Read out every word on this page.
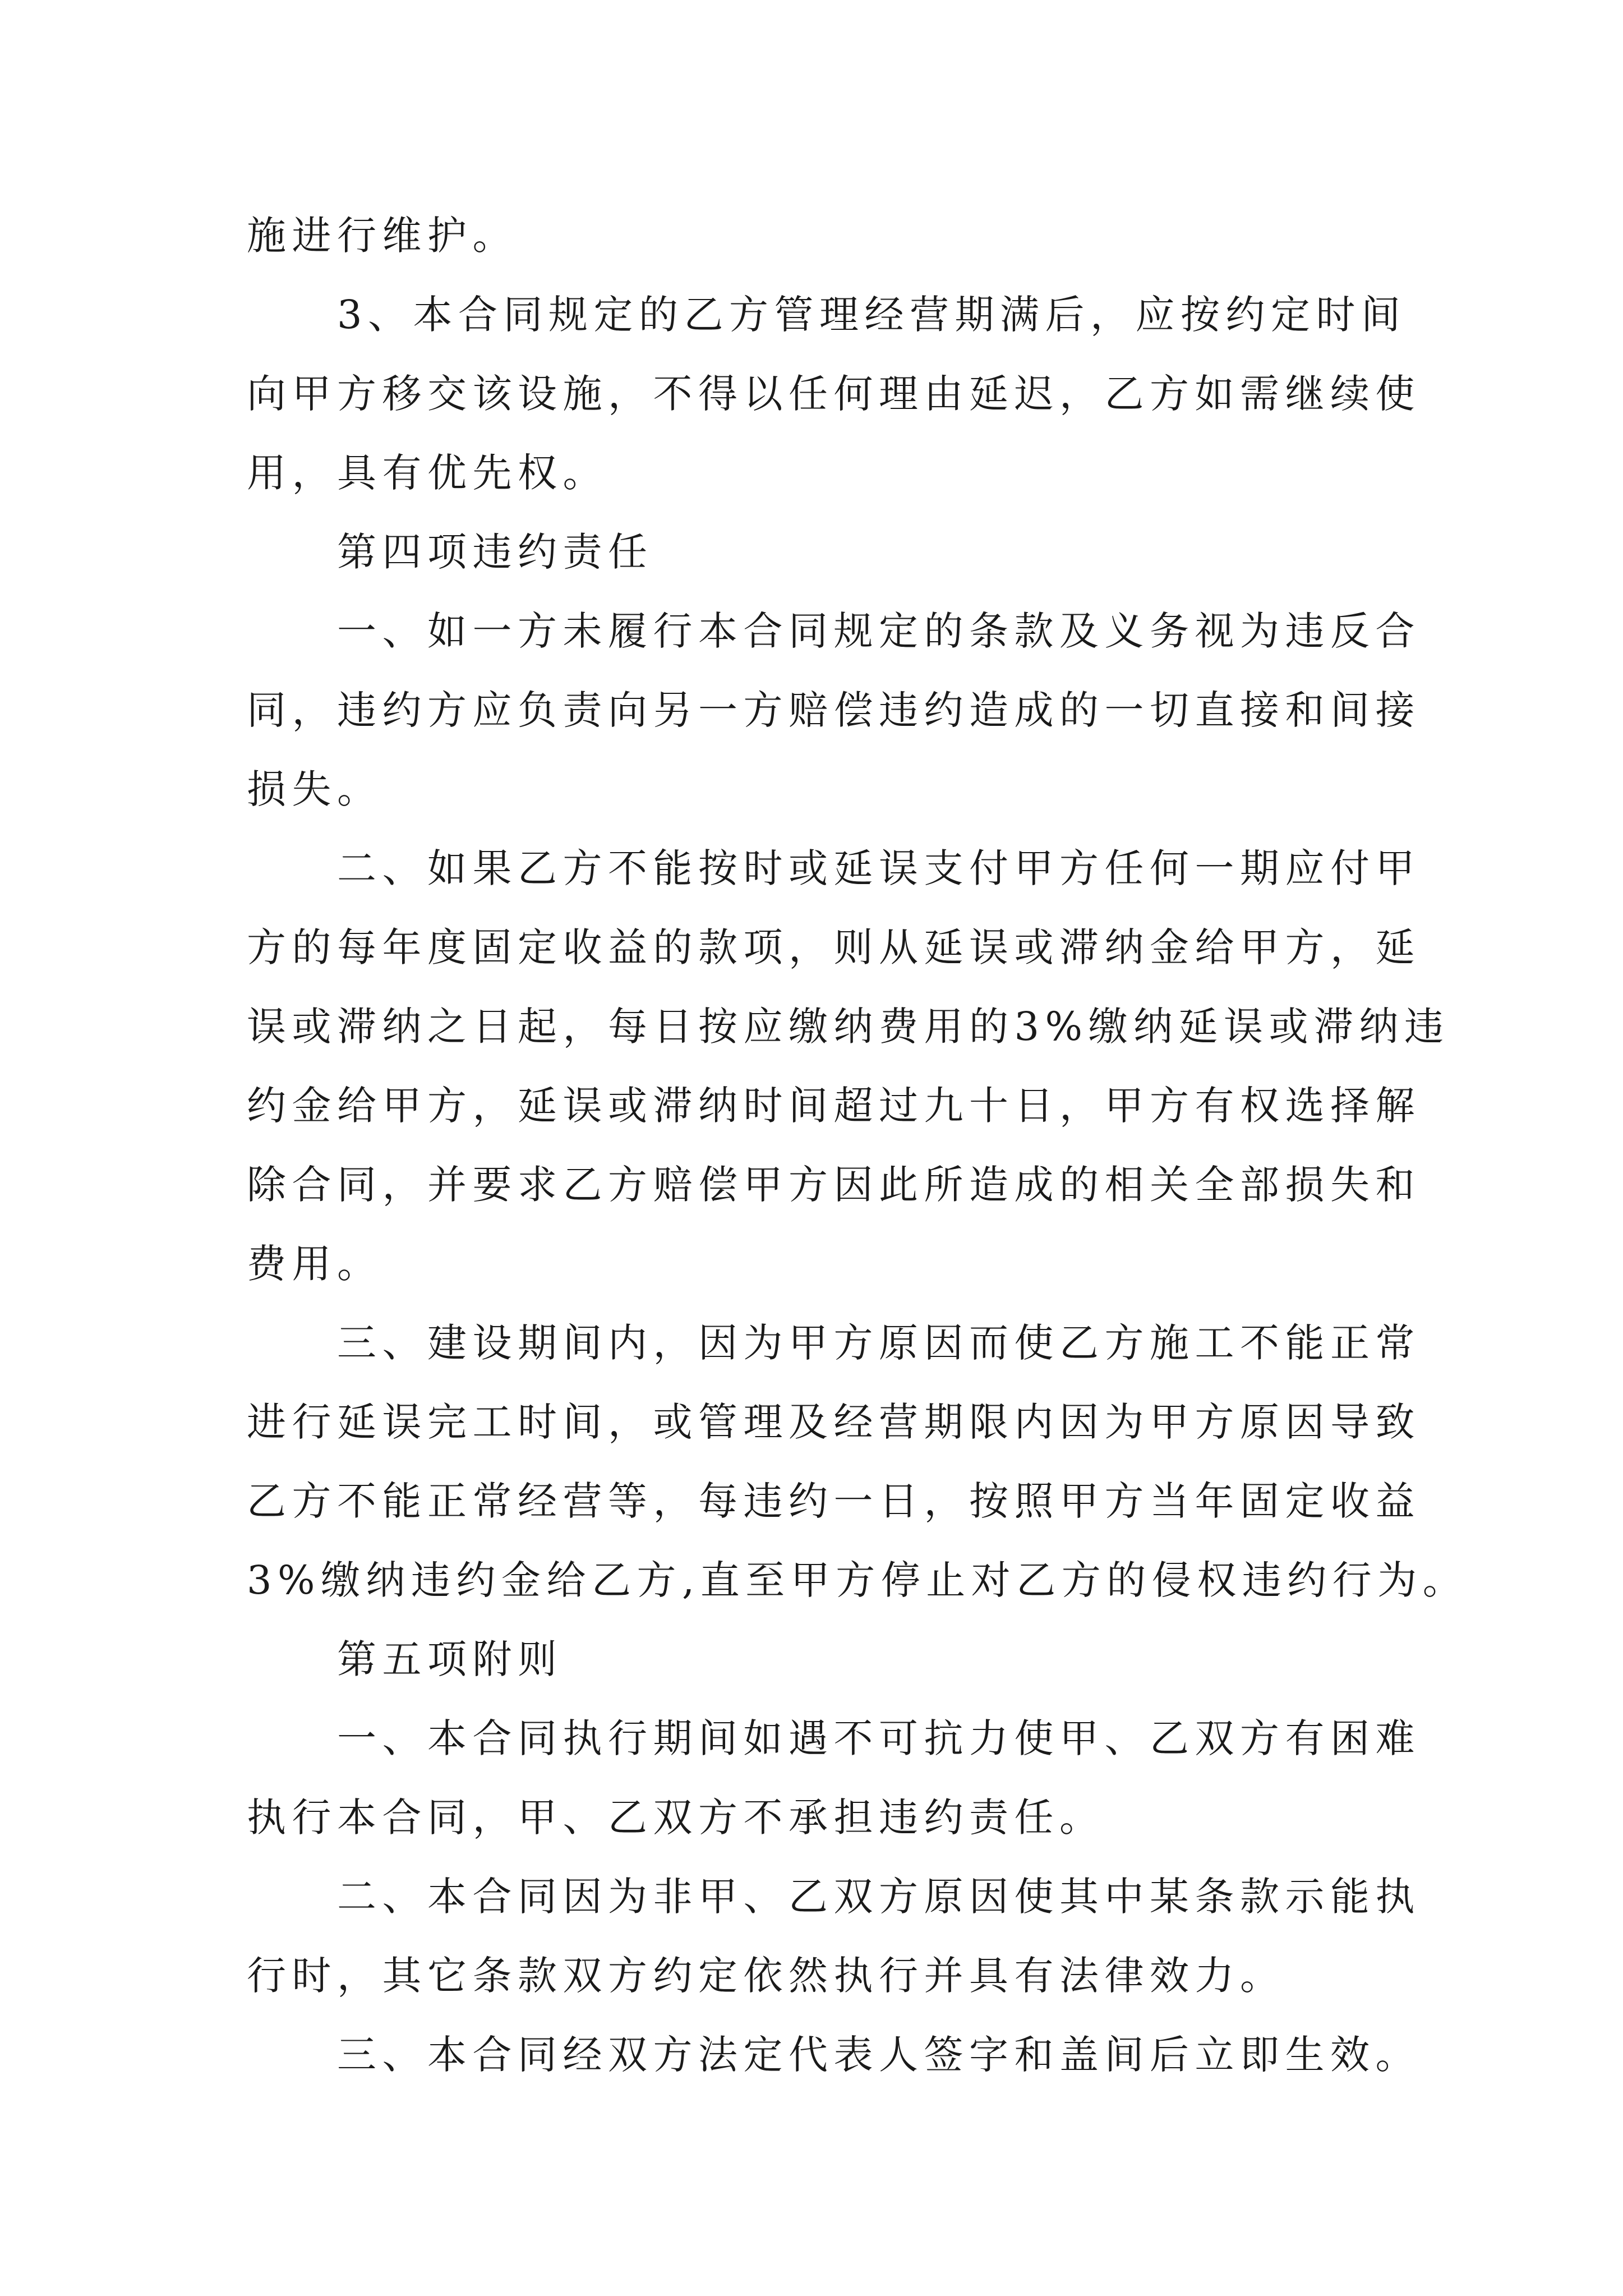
施进行维护。

　　3、本合同规定的乙方管理经营期满后，应按约定时间

向甲方移交该设施，不得以任何理由延迟，乙方如需继续使

用，具有优先权。

　　第四项违约责任

　　一、如一方未履行本合同规定的条款及义务视为违反合

同，违约方应负责向另一方赔偿违约造成的一切直接和间接

损失。

　　二、如果乙方不能按时或延误支付甲方任何一期应付甲

方的每年度固定收益的款项，则从延误或滞纳金给甲方，延

误或滞纳之日起，每日按应缴纳费用的3%缴纳延误或滞纳违

约金给甲方，延误或滞纳时间超过九十日，甲方有权选择解

除合同，并要求乙方赔偿甲方因此所造成的相关全部损失和

费用。

　　三、建设期间内，因为甲方原因而使乙方施工不能正常

进行延误完工时间，或管理及经营期限内因为甲方原因导致

乙方不能正常经营等，每违约一日，按照甲方当年固定收益

3%缴纳违约金给乙方,直至甲方停止对乙方的侵权违约行为。

　　第五项附则

　　一、本合同执行期间如遇不可抗力使甲、乙双方有困难

执行本合同，甲、乙双方不承担违约责任。

　　二、本合同因为非甲、乙双方原因使其中某条款示能执

行时，其它条款双方约定依然执行并具有法律效力。

　　三、本合同经双方法定代表人签字和盖间后立即生效。
